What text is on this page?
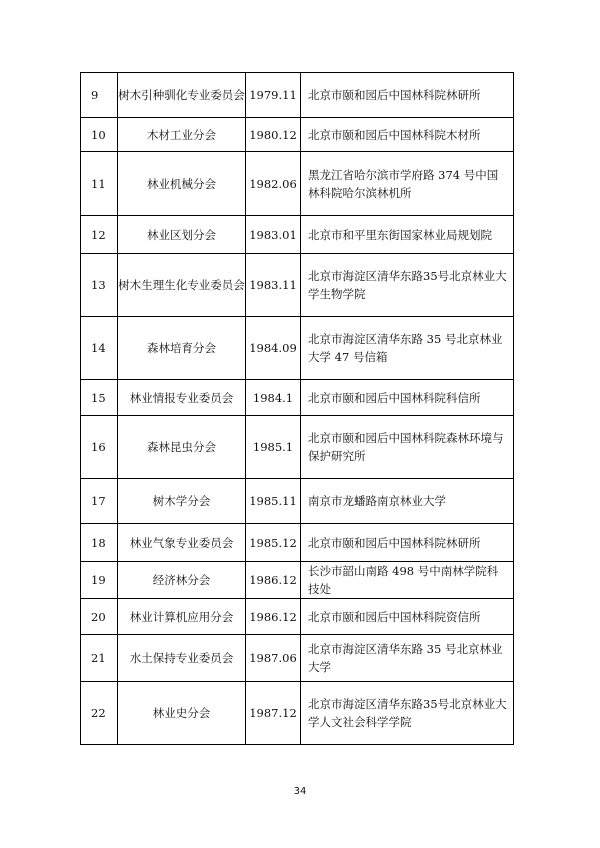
9	树木引种驯化专业委员会	1979.11	北京市颐和园后中国林科院林研所
10	木材工业分会	1980.12	北京市颐和园后中国林科院木材所
11	林业机械分会	1982.06	黑龙江省哈尔滨市学府路 374 号中国林科院哈尔滨林机所
12	林业区划分会	1983.01	北京市和平里东街国家林业局规划院
13	树木生理生化专业委员会	1983.11	北京市海淀区清华东路35号北京林业大学生物学院
14	森林培育分会	1984.09	北京市海淀区清华东路 35 号北京林业大学 47 号信箱
15	林业情报专业委员会	1984.1	北京市颐和园后中国林科院科信所
16	森林昆虫分会	1985.1	北京市颐和园后中国林科院森林环境与保护研究所
17	树木学分会	1985.11	南京市龙蟠路南京林业大学
18	林业气象专业委员会	1985.12	北京市颐和园后中国林科院林研所
19	经济林分会	1986.12	长沙市韶山南路 498 号中南林学院科技处
20	林业计算机应用分会	1986.12	北京市颐和园后中国林科院资信所
21	水土保持专业委员会	1987.06	北京市海淀区清华东路 35 号北京林业大学
22	林业史分会	1987.12	北京市海淀区清华东路35号北京林业大学人文社会科学学院
34
